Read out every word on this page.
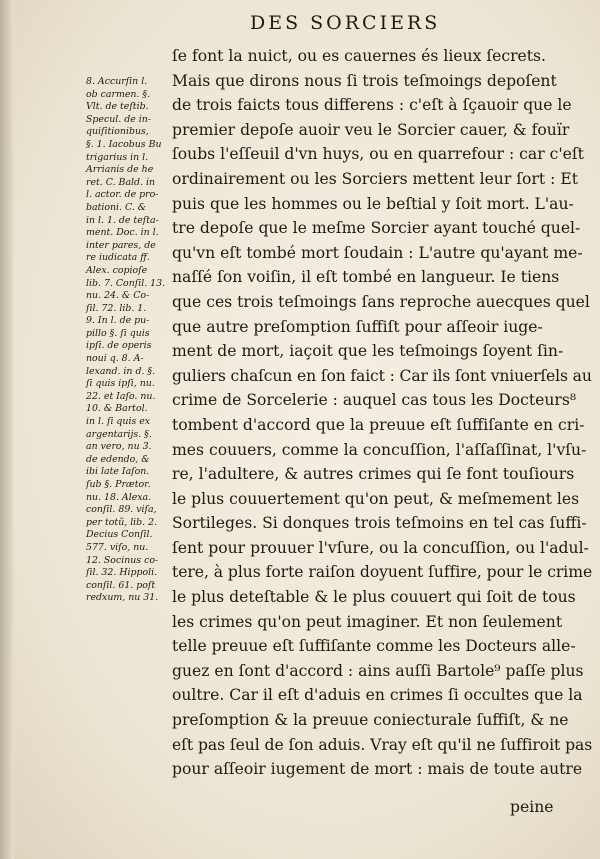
DES SORCIERS
8. Accurſin l.
ob carmen. §.
Vlt. de teſtib.
Specul. de in-
quiſitionibus,
§. 1. Iacobus Bu
trigarius in l.
Arrianis de he
ret. C. Bald. in
l. actor. de pro-
bationi. C. &
in l. 1. de teſta-
ment. Doc. in l.
inter pares, de
re iudicata ff.
Alex. copioſe
lib. 7. Conſil. 13.
nu. 24. & Co-
ſil. 72. lib. 1.
9. In l. de pu-
pillo §. ſi quis
ipſi. de operis
noui q. 8. A-
lexand. in d. §.
ſi quis ipſi, nu.
22. et Iaſo. nu.
10. & Bartol.
in l. ſi quis ex
argentarijs. §.
an vero, nu 3.
de edendo, &
ibi late Iaſon.
ſub §. Prætor.
nu. 18. Alexa.
conſil. 89. viſa,
per totũ, lib. 2.
Decius Conſil.
577. viſo, nu.
12. Socinus co-
ſil. 32. Hippoli.
conſil. 61. poſt
redxum, nu 31.
ſe font la nuict, ou es cauernes és lieux ſecrets.
Mais que dirons nous ſi trois teſmoings depoſent
de trois faicts tous differens : c'eſt à ſçauoir que le
premier depoſe auoir veu le Sorcier cauer, & fouïr
ſoubs l'eſſeuil d'vn huys, ou en quarrefour : car c'eſt
ordinairement ou les Sorciers mettent leur ſort : Et
puis que les hommes ou le beſtial y ſoit mort. L'au-
tre depoſe que le meſme Sorcier ayant touché quel-
qu'vn eſt tombé mort ſoudain : L'autre qu'ayant me-
naſſé ſon voiſin, il eſt tombé en langueur. Ie tiens
que ces trois teſmoings ſans reproche auecques quel
que autre preſomption ſuffiſt pour aſſeoir iuge-
ment de mort, iaçoit que les teſmoings ſoyent ſin-
guliers chaſcun en ſon faict : Car ils ſont vniuerſels au
crime de Sorcelerie : auquel cas tous les Docteurs⁸
tombent d'accord que la preuue eſt ſuffiſante en cri-
mes couuers, comme la concuſſion, l'aſſaſſinat, l'vſu-
re, l'adultere, & autres crimes qui ſe font touſiours
le plus couuertement qu'on peut, & meſmement les
Sortileges. Si donques trois teſmoins en tel cas ſuffi-
ſent pour prouuer l'vſure, ou la concuſſion, ou l'adul-
tere, à plus forte raiſon doyuent ſuffire, pour le crime
le plus deteſtable & le plus couuert qui ſoit de tous
les crimes qu'on peut imaginer. Et non ſeulement
telle preuue eſt ſuffiſante comme les Docteurs alle-
guez en ſont d'accord : ains auſſi Bartole⁹ paſſe plus
oultre. Car il eſt d'aduis en crimes ſi occultes que la
preſomption & la preuue coniecturale ſuffiſt, & ne
eſt pas ſeul de ſon aduis. Vray eſt qu'il ne ſuffiroit pas
pour aſſeoir iugement de mort : mais de toute autre
peine
